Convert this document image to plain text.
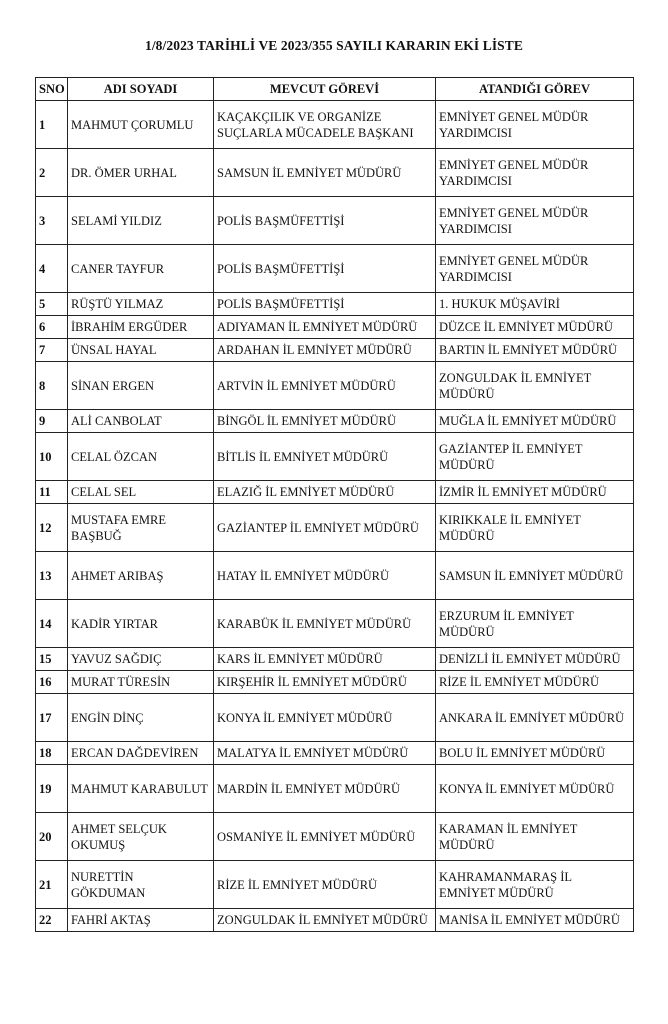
1/8/2023 TARİHLİ VE 2023/355 SAYILI KARARIN EKİ LİSTE
SNO	ADI SOYADI	MEVCUT GÖREVİ	ATANDIĞI GÖREV
1	MAHMUT ÇORUMLU	KAÇAKÇILIK VE ORGANİZE SUÇLARLA MÜCADELE BAŞKANI	EMNİYET GENEL MÜDÜR YARDIMCISI
2	DR. ÖMER URHAL	SAMSUN İL EMNİYET MÜDÜRÜ	EMNİYET GENEL MÜDÜR YARDIMCISI
3	SELAMİ YILDIZ	POLİS BAŞMÜFETTİŞİ	EMNİYET GENEL MÜDÜR YARDIMCISI
4	CANER TAYFUR	POLİS BAŞMÜFETTİŞİ	EMNİYET GENEL MÜDÜR YARDIMCISI
5	RÜŞTÜ YILMAZ	POLİS BAŞMÜFETTİŞİ	1. HUKUK MÜŞAVİRİ
6	İBRAHİM ERGÜDER	ADIYAMAN İL EMNİYET MÜDÜRÜ	DÜZCE İL EMNİYET MÜDÜRÜ
7	ÜNSAL HAYAL	ARDAHAN İL EMNİYET MÜDÜRÜ	BARTIN İL EMNİYET MÜDÜRÜ
8	SİNAN ERGEN	ARTVİN İL EMNİYET MÜDÜRÜ	ZONGULDAK İL EMNİYET MÜDÜRÜ
9	ALİ CANBOLAT	BİNGÖL İL EMNİYET MÜDÜRÜ	MUĞLA İL EMNİYET MÜDÜRÜ
10	CELAL ÖZCAN	BİTLİS İL EMNİYET MÜDÜRÜ	GAZİANTEP İL EMNİYET MÜDÜRÜ
11	CELAL SEL	ELAZIĞ İL EMNİYET MÜDÜRÜ	İZMİR İL EMNİYET MÜDÜRÜ
12	MUSTAFA EMRE BAŞBUĞ	GAZİANTEP İL EMNİYET MÜDÜRÜ	KIRIKKALE İL EMNİYET MÜDÜRÜ
13	AHMET ARIBAŞ	HATAY İL EMNİYET MÜDÜRÜ	SAMSUN İL EMNİYET MÜDÜRÜ
14	KADİR YIRTAR	KARABÜK İL EMNİYET MÜDÜRÜ	ERZURUM İL EMNİYET MÜDÜRÜ
15	YAVUZ SAĞDIÇ	KARS İL EMNİYET MÜDÜRÜ	DENİZLİ İL EMNİYET MÜDÜRÜ
16	MURAT TÜRESİN	KIRŞEHİR İL EMNİYET MÜDÜRÜ	RİZE İL EMNİYET MÜDÜRÜ
17	ENGİN DİNÇ	KONYA İL EMNİYET MÜDÜRÜ	ANKARA İL EMNİYET MÜDÜRÜ
18	ERCAN DAĞDEVİREN	MALATYA İL EMNİYET MÜDÜRÜ	BOLU İL EMNİYET MÜDÜRÜ
19	MAHMUT KARABULUT	MARDİN İL EMNİYET MÜDÜRÜ	KONYA İL EMNİYET MÜDÜRÜ
20	AHMET SELÇUK OKUMUŞ	OSMANİYE İL EMNİYET MÜDÜRÜ	KARAMAN İL EMNİYET MÜDÜRÜ
21	NURETTİN GÖKDUMAN	RİZE İL EMNİYET MÜDÜRÜ	KAHRAMANMARAŞ İL EMNİYET MÜDÜRÜ
22	FAHRİ AKTAŞ	ZONGULDAK İL EMNİYET MÜDÜRÜ	MANİSA İL EMNİYET MÜDÜRÜ
